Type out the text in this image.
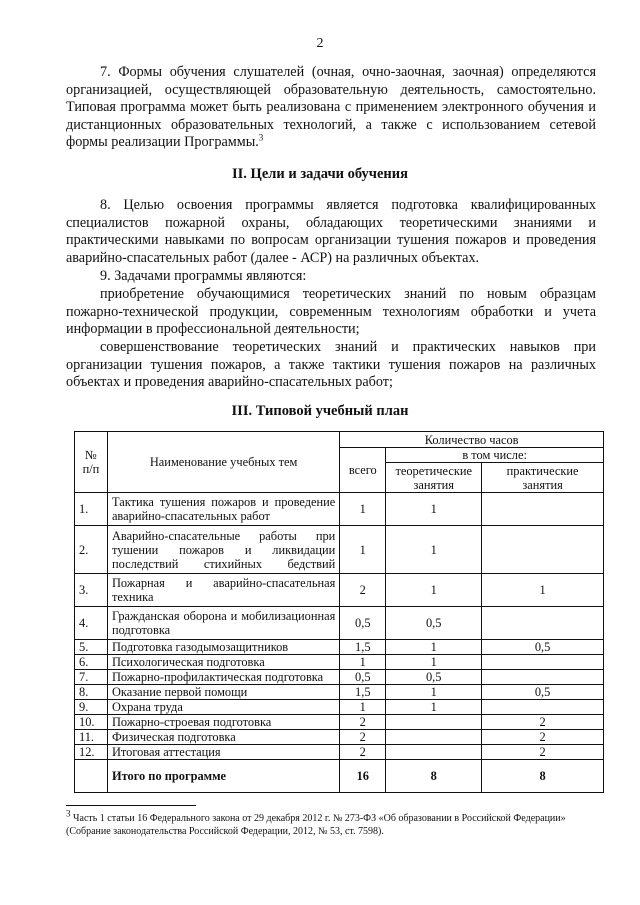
2

7. Формы обучения слушателей (очная, очно-заочная, заочная) определяются организацией, осуществляющей образовательную деятельность, самостоятельно. Типовая программа может быть реализована с применением электронного обучения и дистанционных образовательных технологий, а также с использованием сетевой формы реализации Программы.$^3$

II. Цели и задачи обучения

8. Целью освоения программы является подготовка квалифицированных специалистов пожарной охраны, обладающих теоретическими знаниями и практическими навыками по вопросам организации тушения пожаров и проведения аварийно-спасательных работ (далее - АСР) на различных объектах.

9. Задачами программы являются:

приобретение обучающимися теоретических знаний по новым образцам пожарно-технической продукции, современным технологиям обработки и учета информации в профессиональной деятельности;

совершенствование теоретических знаний и практических навыков при организации тушения пожаров, а также тактики тушения пожаров на различных объектах и проведения аварийно-спасательных работ;

III. Типовой учебный план
№ п/п	Наименование учебных тем	Количество часов		
		всего	в том числе:	
			теоретические занятия	практические занятия
1.	Тактика тушения пожаров и проведение аварийно-спасательных работ	1	1	
2.	Аварийно-спасательные работы при тушении пожаров и ликвидации последствий стихийных бедствий	1	1	
3.	Пожарная и аварийно-спасательная техника	2	1	1
4.	Гражданская оборона и мобилизационная подготовка	0,5	0,5	
5.	Подготовка газодымозащитников	1,5	1	0,5
6.	Психологическая подготовка	1	1	
7.	Пожарно-профилактическая подготовка	0,5	0,5	
8.	Оказание первой помощи	1,5	1	0,5
9.	Охрана труда	1	1	
10.	Пожарно-строевая подготовка	2		2
11.	Физическая подготовка	2		2
12.	Итоговая аттестация	2		2
	Итого по программе	16	8	8

$^3$ Часть 1 статьи 16 Федерального закона от 29 декабря 2012 г. № 273-ФЗ «Об образовании в Российской Федерации» (Собрание законодательства Российской Федерации, 2012, № 53, ст. 7598).
